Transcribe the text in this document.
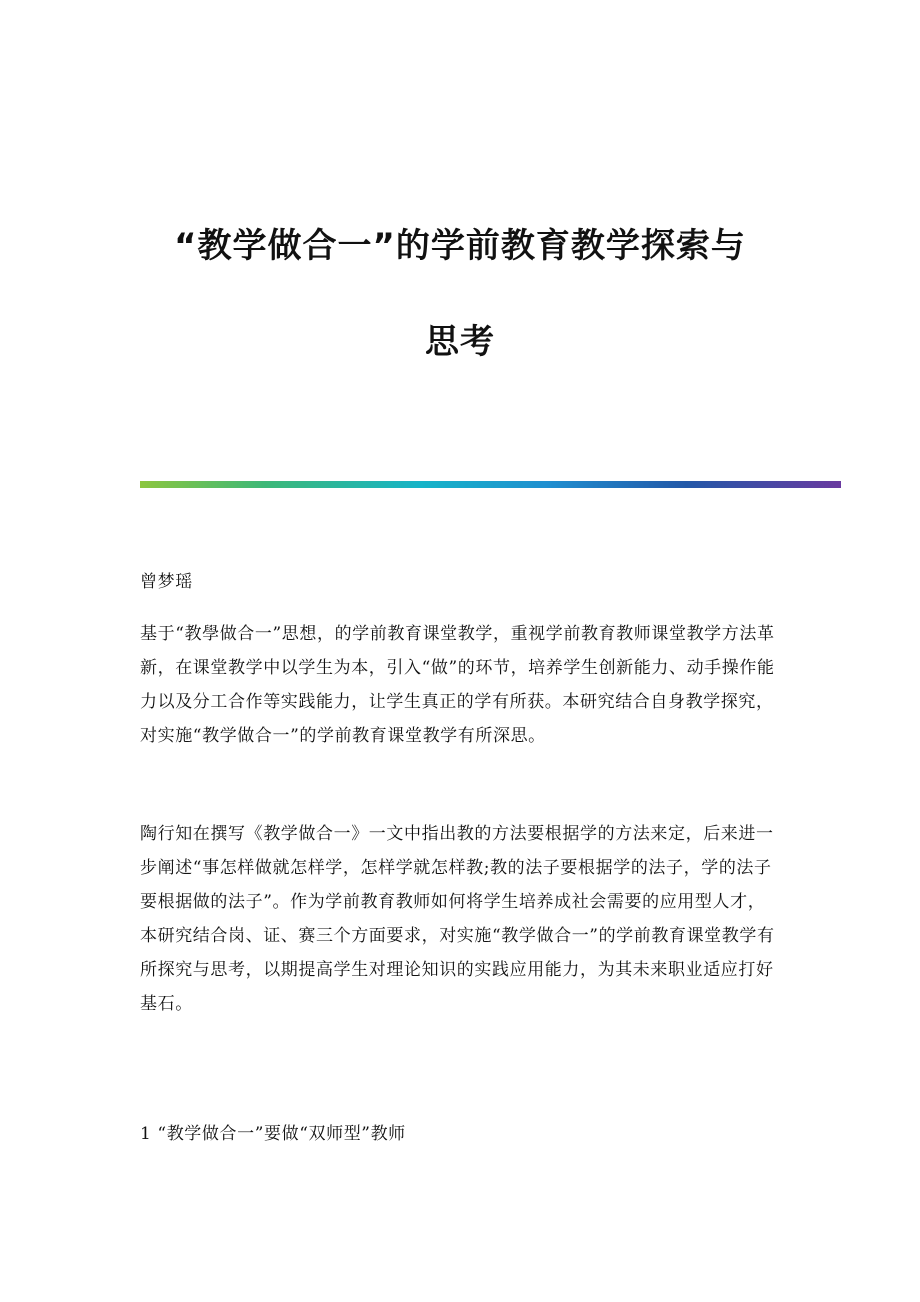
“教学做合一”的学前教育教学探索与
思考

曾梦瑶

基于“教學做合一”思想，的学前教育课堂教学，重视学前教育教师课堂教学方法革新，在课堂教学中以学生为本，引入“做”的环节，培养学生创新能力、动手操作能力以及分工合作等实践能力，让学生真正的学有所获。本研究结合自身教学探究，对实施“教学做合一”的学前教育课堂教学有所深思。

陶行知在撰写《教学做合一》一文中指出教的方法要根据学的方法来定，后来进一步阐述“事怎样做就怎样学，怎样学就怎样教;教的法子要根据学的法子，学的法子要根据做的法子”。作为学前教育教师如何将学生培养成社会需要的应用型人才，本研究结合岗、证、赛三个方面要求，对实施“教学做合一”的学前教育课堂教学有所探究与思考，以期提高学生对理论知识的实践应用能力，为其未来职业适应打好基石。

1 “教学做合一”要做“双师型”教师
